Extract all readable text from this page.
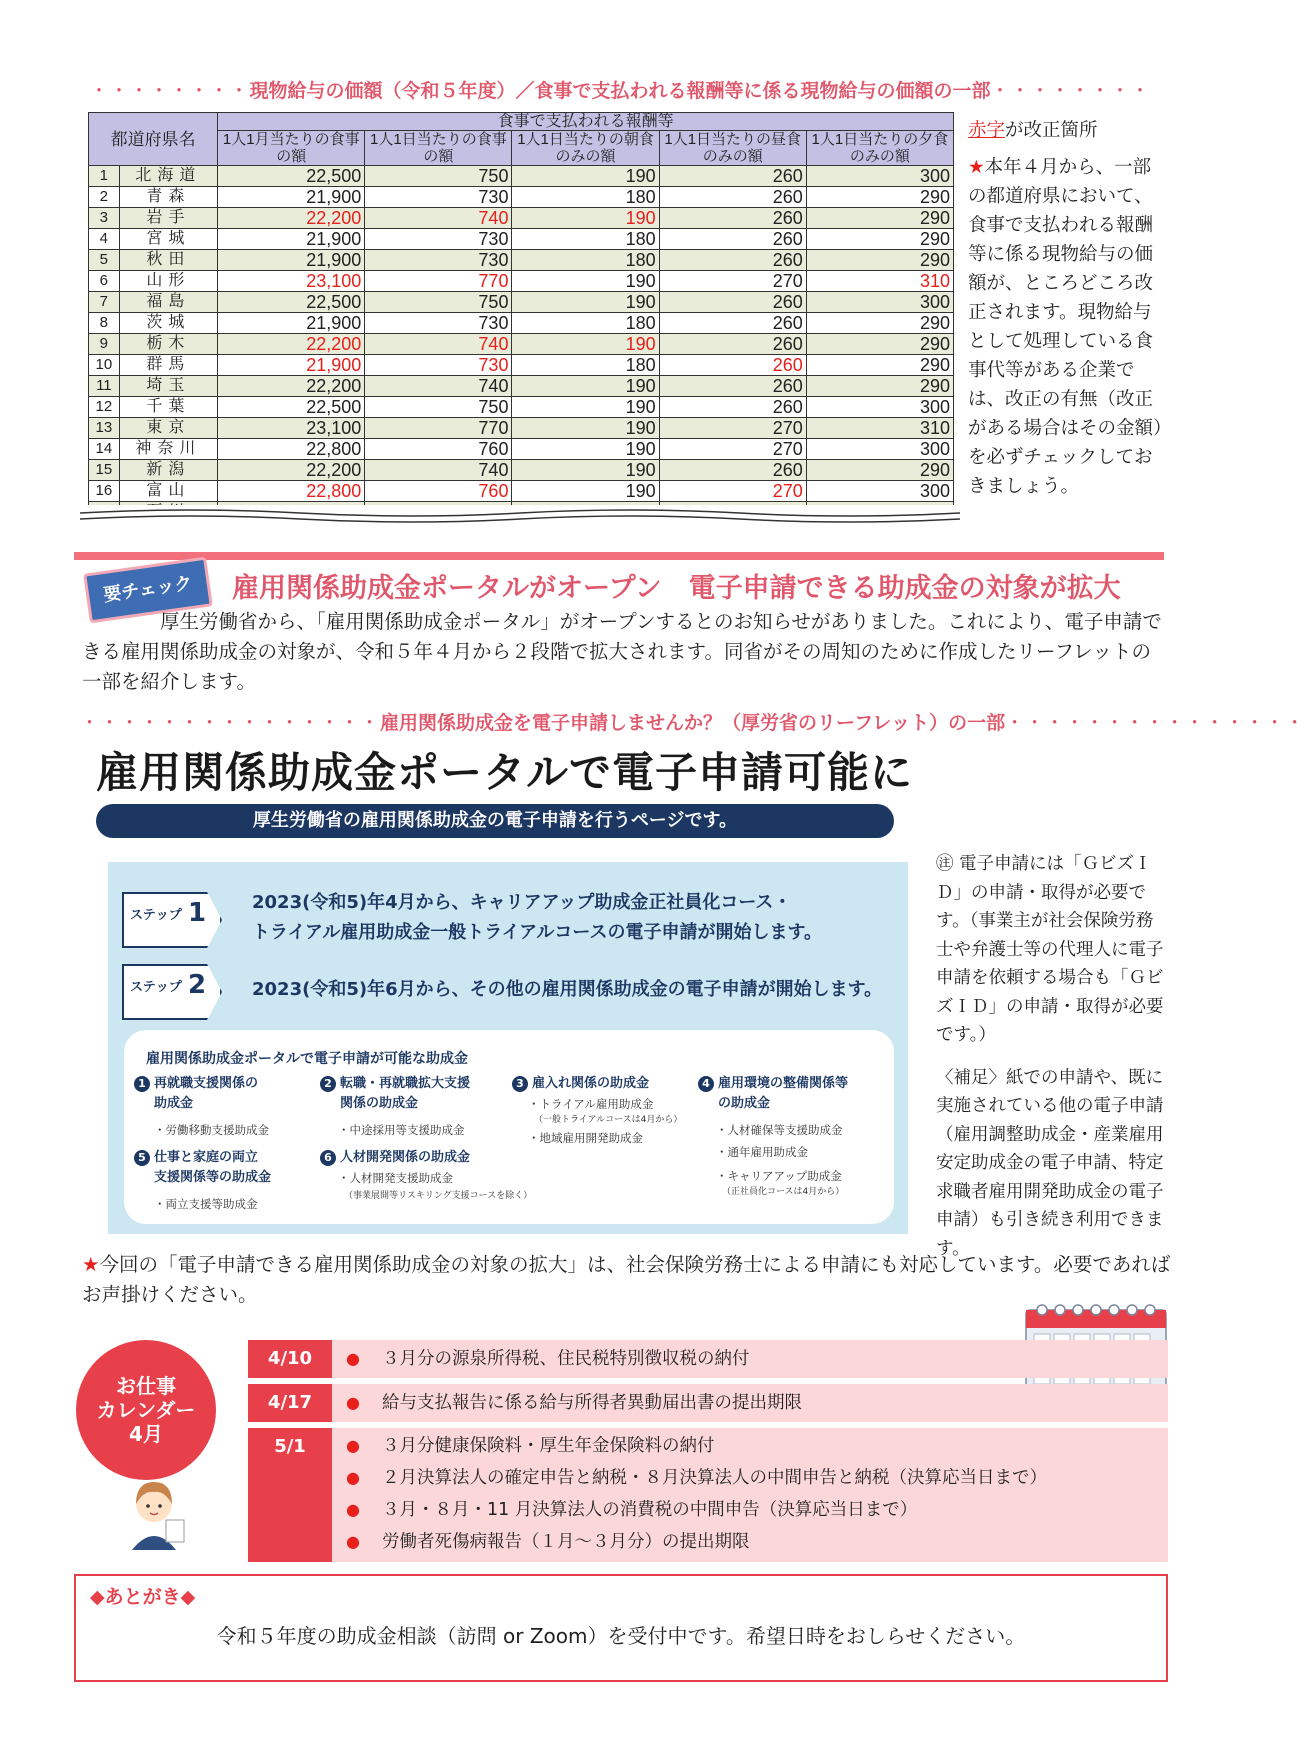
・・・・・・・・現物給与の価額（令和５年度）／食事で支払われる報酬等に係る現物給与の価額の一部・・・・・・・・
都道府県名		食事で支払われる報酬等				
		1人1月当たりの食事の額	1人1日当たりの食事の額	1人1日当たりの朝食のみの額	1人1日当たりの昼食のみの額	1人1日当たりの夕食のみの額
1	北海道	22,500	750	190	260	300
2	青森	21,900	730	180	260	290
3	岩手	22,200	740	190	260	290
4	宮城	21,900	730	180	260	290
5	秋田	21,900	730	180	260	290
6	山形	23,100	770	190	270	310
7	福島	22,500	750	190	260	300
8	茨城	21,900	730	180	260	290
9	栃木	22,200	740	190	260	290
10	群馬	21,900	730	180	260	290
11	埼玉	22,200	740	190	260	290
12	千葉	22,500	750	190	260	300
13	東京	23,100	770	190	270	310
14	神奈川	22,800	760	190	270	300
15	新潟	22,200	740	190	260	290
16	富山	22,800	760	190	270	300

赤字が改正箇所
★本年４月から、一部の都道府県において、食事で支払われる報酬等に係る現物給与の価額が、ところどころ改正されます。現物給与として処理している食事代等がある企業では、改正の有無（改正がある場合はその金額）を必ずチェックしておきましょう。
要チェック	雇用関係助成金ポータルがオープン　電子申請できる助成金の対象が拡大
　　　　厚生労働省から、「雇用関係助成金ポータル」がオープンするとのお知らせがありました。これにより、電子申請できる雇用関係助成金の対象が、令和５年４月から２段階で拡大されます。同省がその周知のために作成したリーフレットの一部を紹介します。
・・・・・・・・・・・・・・・雇用関係助成金を電子申請しませんか？（厚労省のリーフレット）の一部・・・・・・・・・・・・・・・
雇用関係助成金ポータルで電子申請可能に
厚生労働省の雇用関係助成金の電子申請を行うページです。
ステップ 1	2023(令和5)年4月から、キャリアアップ助成金正社員化コース・
トライアル雇用助成金一般トライアルコースの電子申請が開始します。
ステップ 2	2023(令和5)年6月から、その他の雇用関係助成金の電子申請が開始します。
雇用関係助成金ポータルで電子申請が可能な助成金
1 再就職支援関係の
助成金
・労働移動支援助成金
2 転職・再就職拡大支援
関係の助成金
・中途採用等支援助成金
3 雇入れ関係の助成金
・トライアル雇用助成金
（一般トライアルコースは4月から）
・地域雇用開発助成金
4 雇用環境の整備関係等
の助成金
・人材確保等支援助成金
・通年雇用助成金
・キャリアアップ助成金
（正社員化コースは4月から）
5 仕事と家庭の両立
支援関係等の助成金
・両立支援等助成金
6 人材開発関係の助成金
・人材開発支援助成金
（事業展開等リスキリング支援コースを除く）
㊟ 電子申請には「ＧビズＩＤ」の申請・取得が必要です。（事業主が社会保険労務士や弁護士等の代理人に電子申請を依頼する場合も「ＧビズＩＤ」の申請・取得が必要です。）
〈補足〉紙での申請や、既に実施されている他の電子申請（雇用調整助成金・産業雇用安定助成金の電子申請、特定求職者雇用開発助成金の電子申請）も引き続き利用できます。
★今回の「電子申請できる雇用関係助成金の対象の拡大」は、社会保険労務士による申請にも対応しています。必要であればお声掛けください。
お仕事
カレンダー
4月
4/10	● ３月分の源泉所得税、住民税特別徴収税の納付
4/17	● 給与支払報告に係る給与所得者異動届出書の提出期限
5/1	● ３月分健康保険料・厚生年金保険料の納付
● ２月決算法人の確定申告と納税・８月決算法人の中間申告と納税（決算応当日まで）
● ３月・８月・11 月決算法人の消費税の中間申告（決算応当日まで）
● 労働者死傷病報告（１月～３月分）の提出期限
◆あとがき◆
令和５年度の助成金相談（訪問 or Zoom）を受付中です。希望日時をおしらせください。
